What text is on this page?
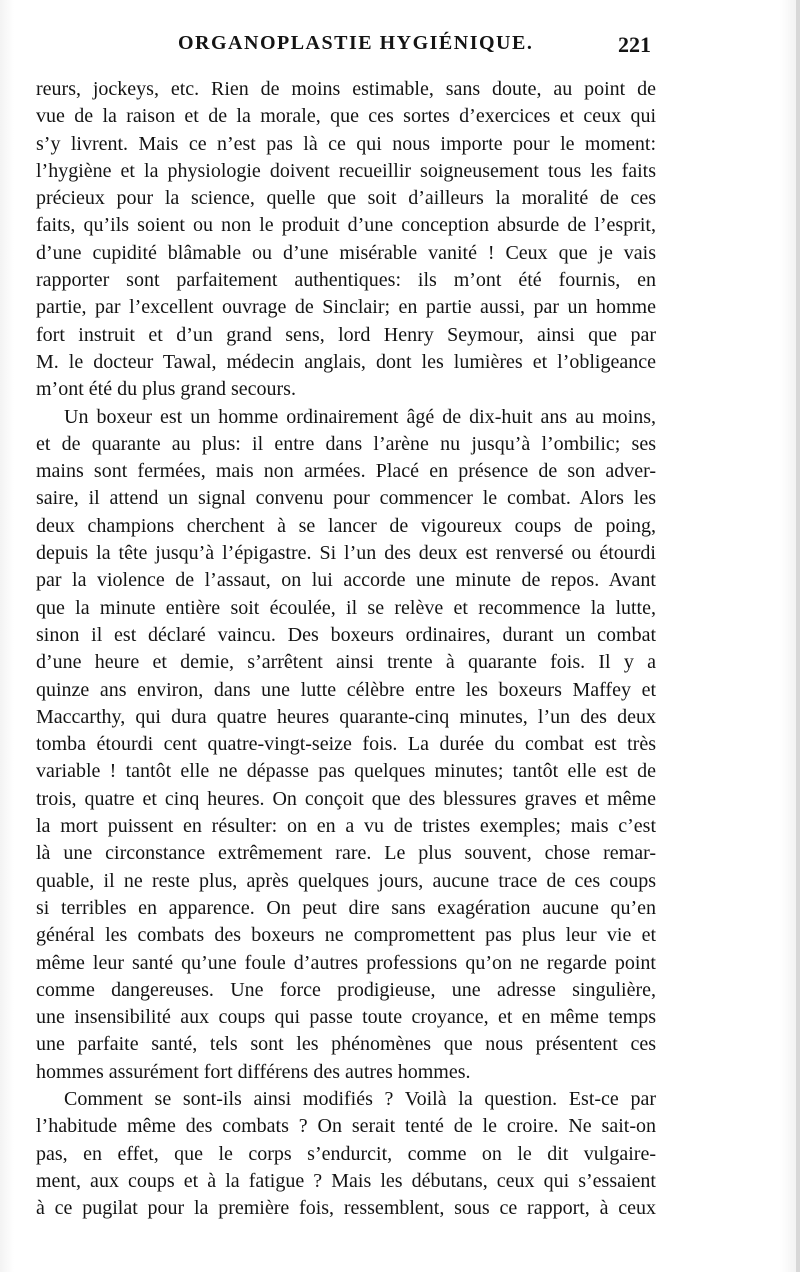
ORGANOPLASTIE HYGIÉNIQUE.	221
reurs, jockeys, etc. Rien de moins estimable, sans doute, au point de
vue de la raison et de la morale, que ces sortes d’exercices et ceux qui
s’y livrent. Mais ce n’est pas là ce qui nous importe pour le moment:
l’hygiène et la physiologie doivent recueillir soigneusement tous les faits
précieux pour la science, quelle que soit d’ailleurs la moralité de ces
faits, qu’ils soient ou non le produit d’une conception absurde de l’esprit,
d’une cupidité blâmable ou d’une misérable vanité ! Ceux que je vais
rapporter sont parfaitement authentiques: ils m’ont été fournis, en
partie, par l’excellent ouvrage de Sinclair; en partie aussi, par un homme
fort instruit et d’un grand sens, lord Henry Seymour, ainsi que par
M. le docteur Tawal, médecin anglais, dont les lumières et l’obligeance
m’ont été du plus grand secours.
Un boxeur est un homme ordinairement âgé de dix-huit ans au moins,
et de quarante au plus: il entre dans l’arène nu jusqu’à l’ombilic; ses
mains sont fermées, mais non armées. Placé en présence de son adver-
saire, il attend un signal convenu pour commencer le combat. Alors les
deux champions cherchent à se lancer de vigoureux coups de poing,
depuis la tête jusqu’à l’épigastre. Si l’un des deux est renversé ou étourdi
par la violence de l’assaut, on lui accorde une minute de repos. Avant
que la minute entière soit écoulée, il se relève et recommence la lutte,
sinon il est déclaré vaincu. Des boxeurs ordinaires, durant un combat
d’une heure et demie, s’arrêtent ainsi trente à quarante fois. Il y a
quinze ans environ, dans une lutte célèbre entre les boxeurs Maffey et
Maccarthy, qui dura quatre heures quarante-cinq minutes, l’un des deux
tomba étourdi cent quatre-vingt-seize fois. La durée du combat est très
variable ! tantôt elle ne dépasse pas quelques minutes; tantôt elle est de
trois, quatre et cinq heures. On conçoit que des blessures graves et même
la mort puissent en résulter: on en a vu de tristes exemples; mais c’est
là une circonstance extrêmement rare. Le plus souvent, chose remar-
quable, il ne reste plus, après quelques jours, aucune trace de ces coups
si terribles en apparence. On peut dire sans exagération aucune qu’en
général les combats des boxeurs ne compromettent pas plus leur vie et
même leur santé qu’une foule d’autres professions qu’on ne regarde point
comme dangereuses. Une force prodigieuse, une adresse singulière,
une insensibilité aux coups qui passe toute croyance, et en même temps
une parfaite santé, tels sont les phénomènes que nous présentent ces
hommes assurément fort différens des autres hommes.
Comment se sont-ils ainsi modifiés ? Voilà la question. Est-ce par
l’habitude même des combats ? On serait tenté de le croire. Ne sait-on
pas, en effet, que le corps s’endurcit, comme on le dit vulgaire-
ment, aux coups et à la fatigue ? Mais les débutans, ceux qui s’essaient
à ce pugilat pour la première fois, ressemblent, sous ce rapport, à ceux
